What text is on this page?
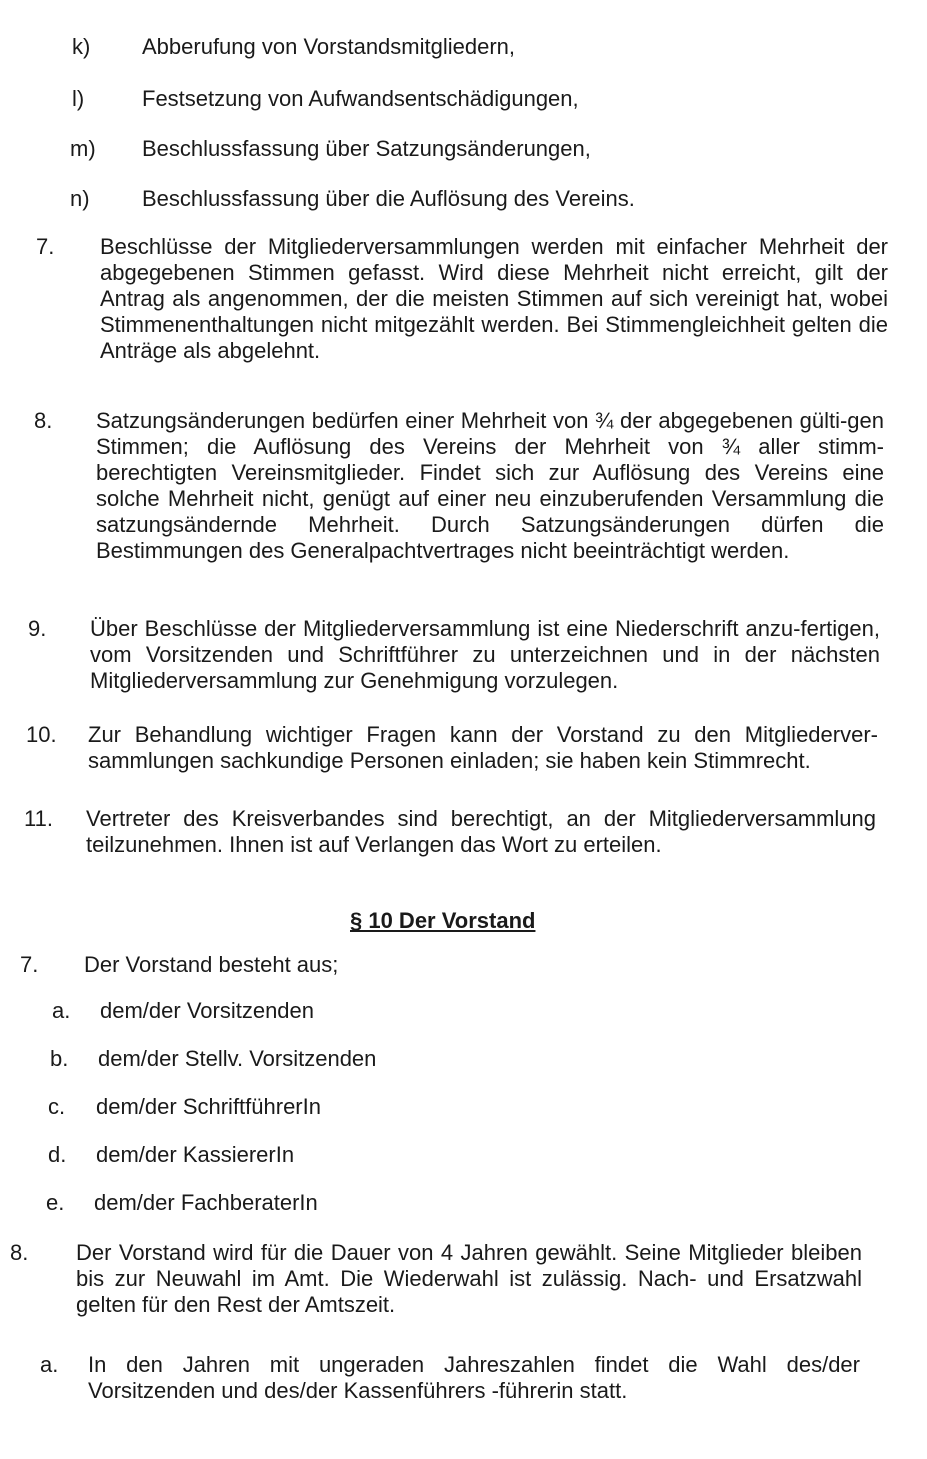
k) Abberufung von Vorstandsmitgliedern,
l)	Festsetzung von Aufwandsentschädigungen,
m) Beschlussfassung über Satzungsänderungen,
n) Beschlussfassung über die Auflösung des Vereins.
7. Beschlüsse der Mitgliederversammlungen werden mit einfacher Mehrheit der abgegebenen Stimmen gefasst. Wird diese Mehrheit nicht erreicht, gilt der Antrag als angenommen, der die meisten Stimmen auf sich vereinigt hat, wobei Stimmenenthaltungen nicht mitgezählt werden. Bei Stimmengleichheit gelten die Anträge als abgelehnt.
8. Satzungsänderungen bedürfen einer Mehrheit von ¾ der abgegebenen gülti-gen Stimmen; die Auflösung des Vereins der Mehrheit von ¾ aller stimm-berechtigten Vereinsmitglieder. Findet sich zur Auflösung des Vereins eine solche Mehrheit nicht, genügt auf einer neu einzuberufenden Versammlung die satzungsändernde Mehrheit. Durch Satzungsänderungen dürfen die Bestimmungen des Generalpachtvertrages nicht beeinträchtigt werden.
9. Über Beschlüsse der Mitgliederversammlung ist eine Niederschrift anzu-fertigen, vom Vorsitzenden und Schriftführer zu unterzeichnen und in der nächsten Mitgliederversammlung zur Genehmigung vorzulegen.
10. Zur Behandlung wichtiger Fragen kann der Vorstand zu den Mitgliederver-sammlungen sachkundige Personen einladen; sie haben kein Stimmrecht.
11. Vertreter des Kreisverbandes sind berechtigt, an der Mitgliederversammlung teilzunehmen. Ihnen ist auf Verlangen das Wort zu erteilen.
§ 10 Der Vorstand
7. Der Vorstand besteht aus;
a. dem/der Vorsitzenden
b. dem/der Stellv. Vorsitzenden
c. dem/der SchriftführerIn
d. dem/der KassiererIn
e. dem/der FachberaterIn
8. Der Vorstand wird für die Dauer von 4 Jahren gewählt. Seine Mitglieder bleiben bis zur Neuwahl im Amt. Die Wiederwahl ist zulässig. Nach- und Ersatzwahl gelten für den Rest der Amtszeit.
a. In den Jahren mit ungeraden Jahreszahlen findet die Wahl des/der Vorsitzenden und des/der Kassenführers -führerin statt.
